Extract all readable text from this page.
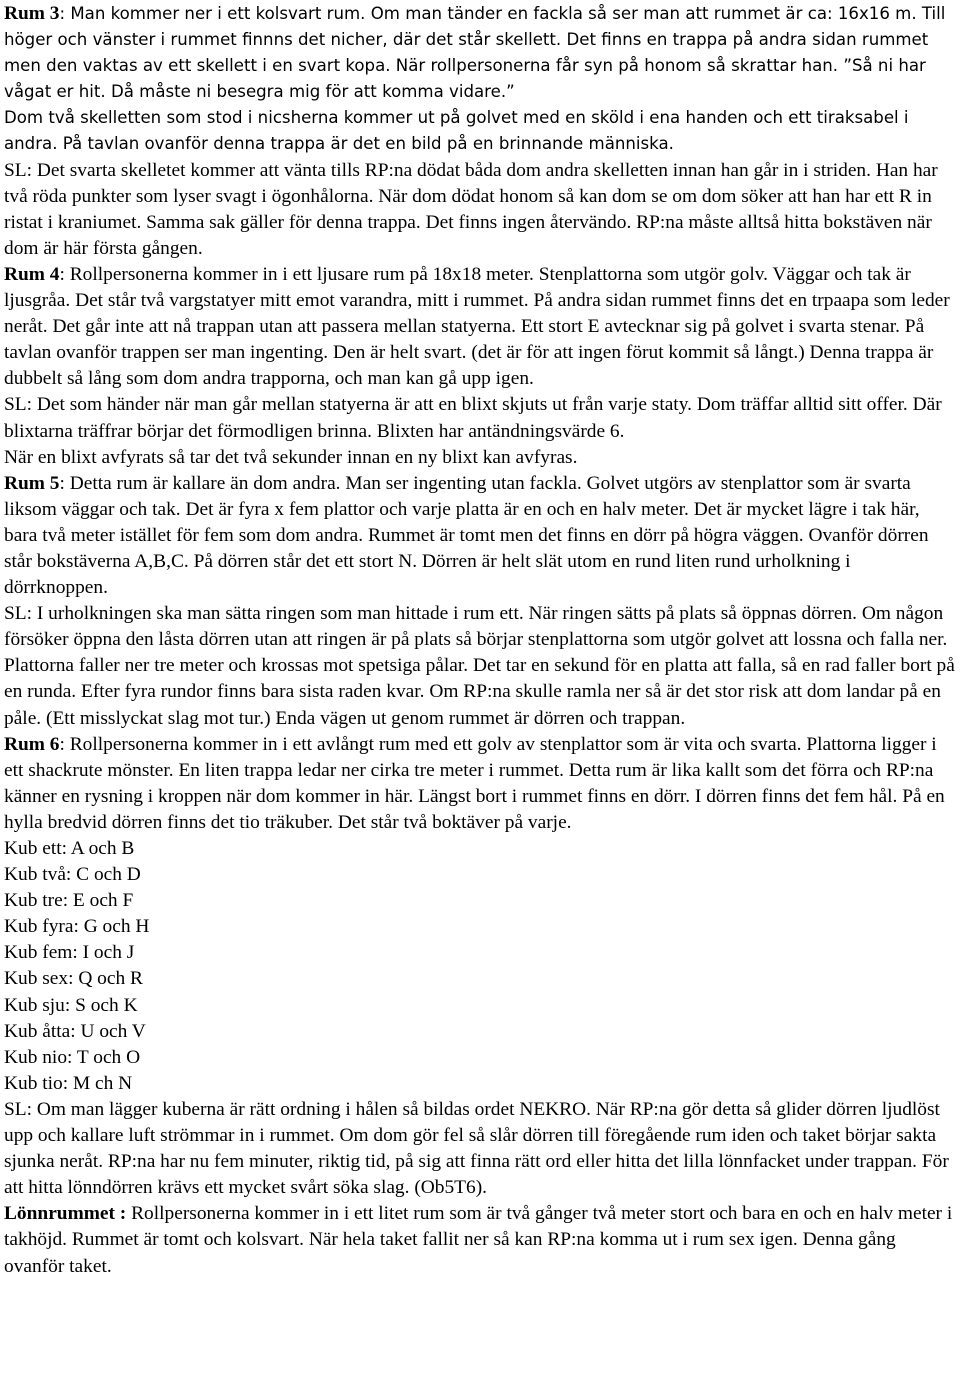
Rum 3: Man kommer ner i ett kolsvart rum. Om man tänder en fackla så ser man att rummet är ca: 16x16 m. Till höger och vänster i rummet finnns det nicher, där det står skellett. Det finns en trappa på andra sidan rummet men den vaktas av ett skellett i en svart kopa. När rollpersonerna får syn på honom så skrattar han. ”Så ni har vågat er hit. Då måste ni besegra mig för att komma vidare.”

Dom två skelletten som stod i nicsherna kommer ut på golvet med en sköld i ena handen och ett tiraksabel i andra. På tavlan ovanför denna trappa är det en bild på en brinnande människa.

SL: Det svarta skelletet kommer att vänta tills RP:na dödat båda dom andra skelletten innan han går in i striden. Han har två röda punkter som lyser svagt i ögonhålorna. När dom dödat honom så kan dom se om dom söker att han har ett R in ristat i kraniumet. Samma sak gäller för denna trappa. Det finns ingen återvändo. RP:na måste alltså hitta bokstäven när dom är här första gången.

Rum 4: Rollpersonerna kommer in i ett ljusare rum på 18x18 meter. Stenplattorna som utgör golv. Väggar och tak är ljusgråa. Det står två vargstatyer mitt emot varandra, mitt i rummet. På andra sidan rummet finns det en trpaapa som leder neråt. Det går inte att nå trappan utan att passera mellan statyerna. Ett stort E avtecknar sig på golvet i svarta stenar. På tavlan ovanför trappen ser man ingenting. Den är helt svart. (det är för att ingen förut kommit så långt.) Denna trappa är dubbelt så lång som dom andra trapporna, och man kan gå upp igen.

SL: Det som händer när man går mellan statyerna är att en blixt skjuts ut från varje staty. Dom träffar alltid sitt offer. Där blixtarna träffrar börjar det förmodligen brinna. Blixten har antändningsvärde 6.

När en blixt avfyrats så tar det två sekunder innan en ny blixt kan avfyras.

Rum 5: Detta rum är kallare än dom andra. Man ser ingenting utan fackla. Golvet utgörs av stenplattor som är svarta liksom väggar och tak. Det är fyra x fem plattor och varje platta är en och en halv meter. Det är mycket lägre i tak här, bara två meter istället för fem som dom andra. Rummet är tomt men det finns en dörr på högra väggen. Ovanför dörren står bokstäverna A,B,C. På dörren står det ett stort N. Dörren är helt slät utom en rund liten rund urholkning i dörrknoppen.

SL: I urholkningen ska man sätta ringen som man hittade i rum ett. När ringen sätts på plats så öppnas dörren. Om någon försöker öppna den låsta dörren utan att ringen är på plats så börjar stenplattorna som utgör golvet att lossna och falla ner. Plattorna faller ner tre meter och krossas mot spetsiga pålar. Det tar en sekund för en platta att falla, så en rad faller bort på en runda. Efter fyra rundor finns bara sista raden kvar. Om RP:na skulle ramla ner så är det stor risk att dom landar på en påle. (Ett misslyckat slag mot tur.) Enda vägen ut genom rummet är dörren och trappan.

Rum 6: Rollpersonerna kommer in i ett avlångt rum med ett golv av stenplattor som är vita och svarta. Plattorna ligger i ett shackrute mönster. En liten trappa ledar ner cirka tre meter i rummet. Detta rum är lika kallt som det förra och RP:na känner en rysning i kroppen när dom kommer in här. Längst bort i rummet finns en dörr. I dörren finns det fem hål. På en hylla bredvid dörren finns det tio träkuber. Det står två boktäver på varje.

Kub ett: A och B

Kub två: C och D

Kub tre: E och F

Kub fyra: G och H

Kub fem: I och J

Kub sex: Q och R

Kub sju: S och K

Kub åtta: U och V

Kub nio: T och O

Kub tio: M ch N

SL: Om man lägger kuberna är rätt ordning i hålen så bildas ordet NEKRO. När RP:na gör detta så glider dörren ljudlöst upp och kallare luft strömmar in i rummet. Om dom gör fel så slår dörren till föregående rum iden och taket börjar sakta sjunka neråt. RP:na har nu fem minuter, riktig tid, på sig att finna rätt ord eller hitta det lilla lönnfacket under trappan. För att hitta lönndörren krävs ett mycket svårt söka slag. (Ob5T6).

Lönnrummet : Rollpersonerna kommer in i ett litet rum som är två gånger två meter stort och bara en och en halv meter i takhöjd. Rummet är tomt och kolsvart. När hela taket fallit ner så kan RP:na komma ut i rum sex igen. Denna gång ovanför taket.
